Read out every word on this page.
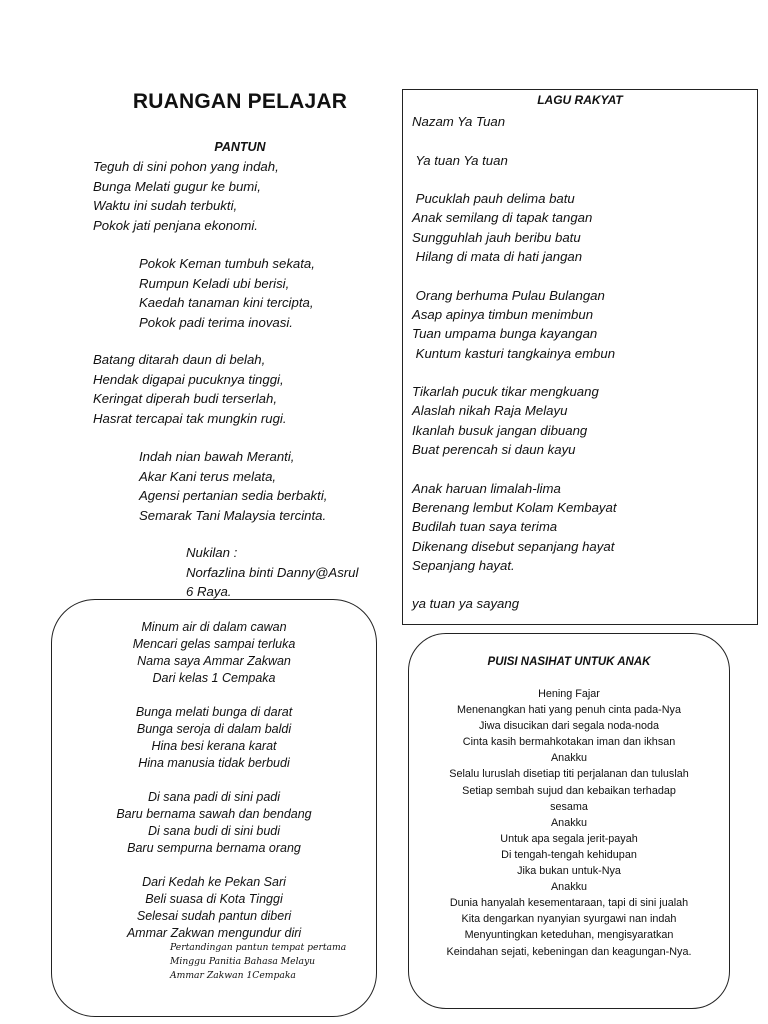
RUANGAN PELAJAR
PANTUN
Teguh di sini pohon yang indah,
Bunga Melati gugur ke bumi,
Waktu ini sudah terbukti,
Pokok jati penjana ekonomi.
Pokok Keman tumbuh sekata,
Rumpun Keladi ubi berisi,
Kaedah tanaman kini tercipta,
Pokok padi terima inovasi.
Batang ditarah daun di belah,
Hendak digapai pucuknya tinggi,
Keringat diperah budi terserlah,
Hasrat tercapai tak mungkin rugi.
Indah nian bawah Meranti,
Akar Kani terus melata,
Agensi pertanian sedia berbakti,
Semarak Tani Malaysia tercinta.
Nukilan :
Norfazlina binti Danny@Asrul
6 Raya.
LAGU RAKYAT
Nazam Ya Tuan

Ya tuan Ya tuan

Pucuklah pauh delima batu
Anak semilang di tapak tangan
Sungguhlah jauh beribu batu
Hilang di mata di hati jangan

Orang berhuma Pulau Bulangan
Asap apinya timbun menimbun
Tuan umpama bunga kayangan
Kuntum kasturi tangkainya embun

Tikarlah pucuk tikar mengkuang
Alaslah nikah Raja Melayu
Ikanlah busuk jangan dibuang
Buat perencah si daun kayu

Anak haruan limalah-lima
Berenang lembut Kolam Kembayat
Budilah tuan saya terima
Dikenang disebut sepanjang hayat
Sepanjang hayat.

ya tuan ya sayang
Minum air di dalam cawan
Mencari gelas sampai terluka
Nama saya Ammar Zakwan
Dari kelas 1 Cempaka

Bunga melati bunga di darat
Bunga seroja di dalam baldi
Hina besi kerana karat
Hina manusia tidak berbudi

Di sana padi di sini padi
Baru bernama sawah dan bendang
Di sana budi di sini budi
Baru sempurna bernama orang

Dari Kedah ke Pekan Sari
Beli suasa di Kota Tinggi
Selesai sudah pantun diberi
Ammar Zakwan mengundur diri
Pertandingan pantun tempat pertama
Minggu Panitia Bahasa Melayu
Ammar Zakwan 1Cempaka
PUISI NASIHAT UNTUK ANAK
Hening Fajar
Menenangkan hati yang penuh cinta pada-Nya
Jiwa disucikan dari segala noda-noda
Cinta kasih bermahkotakan iman dan ikhsan
Anakku
Selalu luruslah disetiap titi perjalanan dan tuluslah
Setiap sembah sujud dan kebaikan terhadap
sesama
Anakku
Untuk apa segala jerit-payah
Di tengah-tengah kehidupan
Jika bukan untuk-Nya
Anakku
Dunia hanyalah kesementaraan, tapi di sini jualah
Kita dengarkan nyanyian syurgawi nan indah
Menyuntingkan keteduhan, mengisyaratkan
Keindahan sejati, kebeningan dan keagungan-Nya.
